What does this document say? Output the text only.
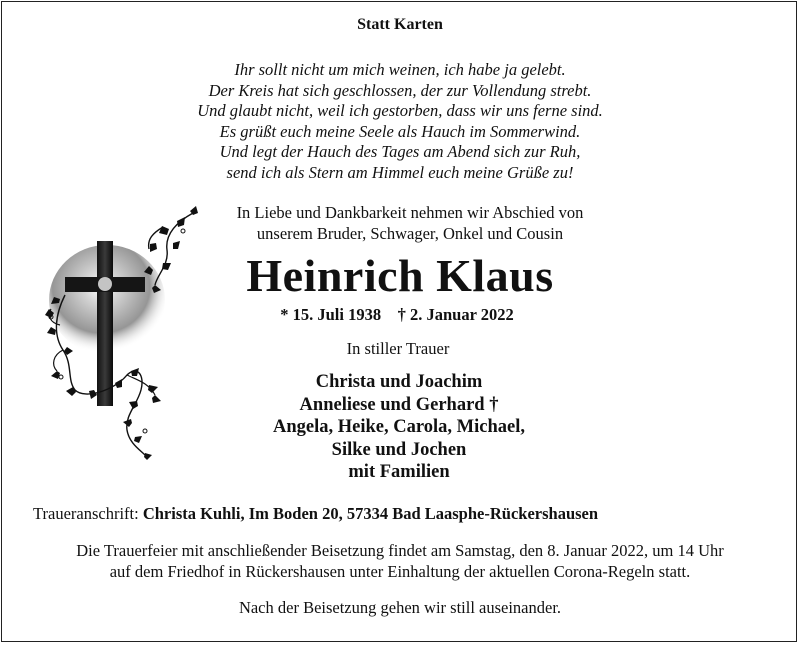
Statt Karten
Ihr sollt nicht um mich weinen, ich habe ja gelebt.
Der Kreis hat sich geschlossen, der zur Vollendung strebt.
Und glaubt nicht, weil ich gestorben, dass wir uns ferne sind.
Es grüßt euch meine Seele als Hauch im Sommerwind.
Und legt der Hauch des Tages am Abend sich zur Ruh,
send ich als Stern am Himmel euch meine Grüße zu!
In Liebe und Dankbarkeit nehmen wir Abschied von
unserem Bruder, Schwager, Onkel und Cousin
Heinrich Klaus
* 15. Juli 1938 † 2. Januar 2022
In stiller Trauer
Christa und Joachim
Anneliese und Gerhard †
Angela, Heike, Carola, Michael,
Silke und Jochen
mit Familien
Traueranschrift: Christa Kuhli, Im Boden 20, 57334 Bad Laasphe-Rückershausen
Die Trauerfeier mit anschließender Beisetzung findet am Samstag, den 8. Januar 2022, um 14 Uhr
auf dem Friedhof in Rückershausen unter Einhaltung der aktuellen Corona-Regeln statt.
Nach der Beisetzung gehen wir still auseinander.
